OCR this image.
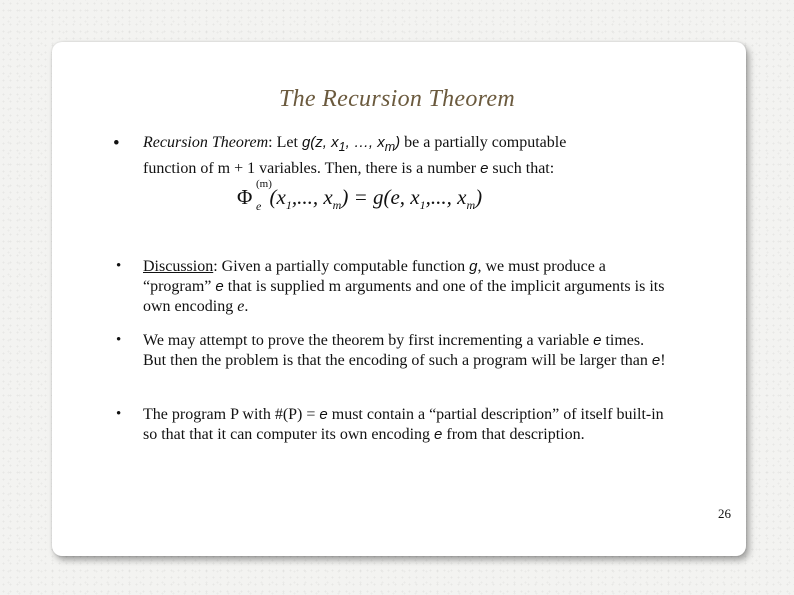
The Recursion Theorem
• Recursion Theorem: Let g(z, $x_1$, …, $x_m$) be a partially computable
function of m + 1 variables. Then, there is a number e such that:
Φ
(m)
e ($x_1$,..., $x_m) = g(e$, $x_1$,..., $x_m$)
• Discussion: Given a partially computable function g, we must produce a “program” e that is supplied m arguments and one of the implicit arguments is its own encoding e.
• We may attempt to prove the theorem by first incrementing a variable e times. But then the problem is that the encoding of such a program will be larger than e!
• The program P with #(P) = e must contain a “partial description” of itself built-in so that that it can computer its own encoding e from that description.
26
